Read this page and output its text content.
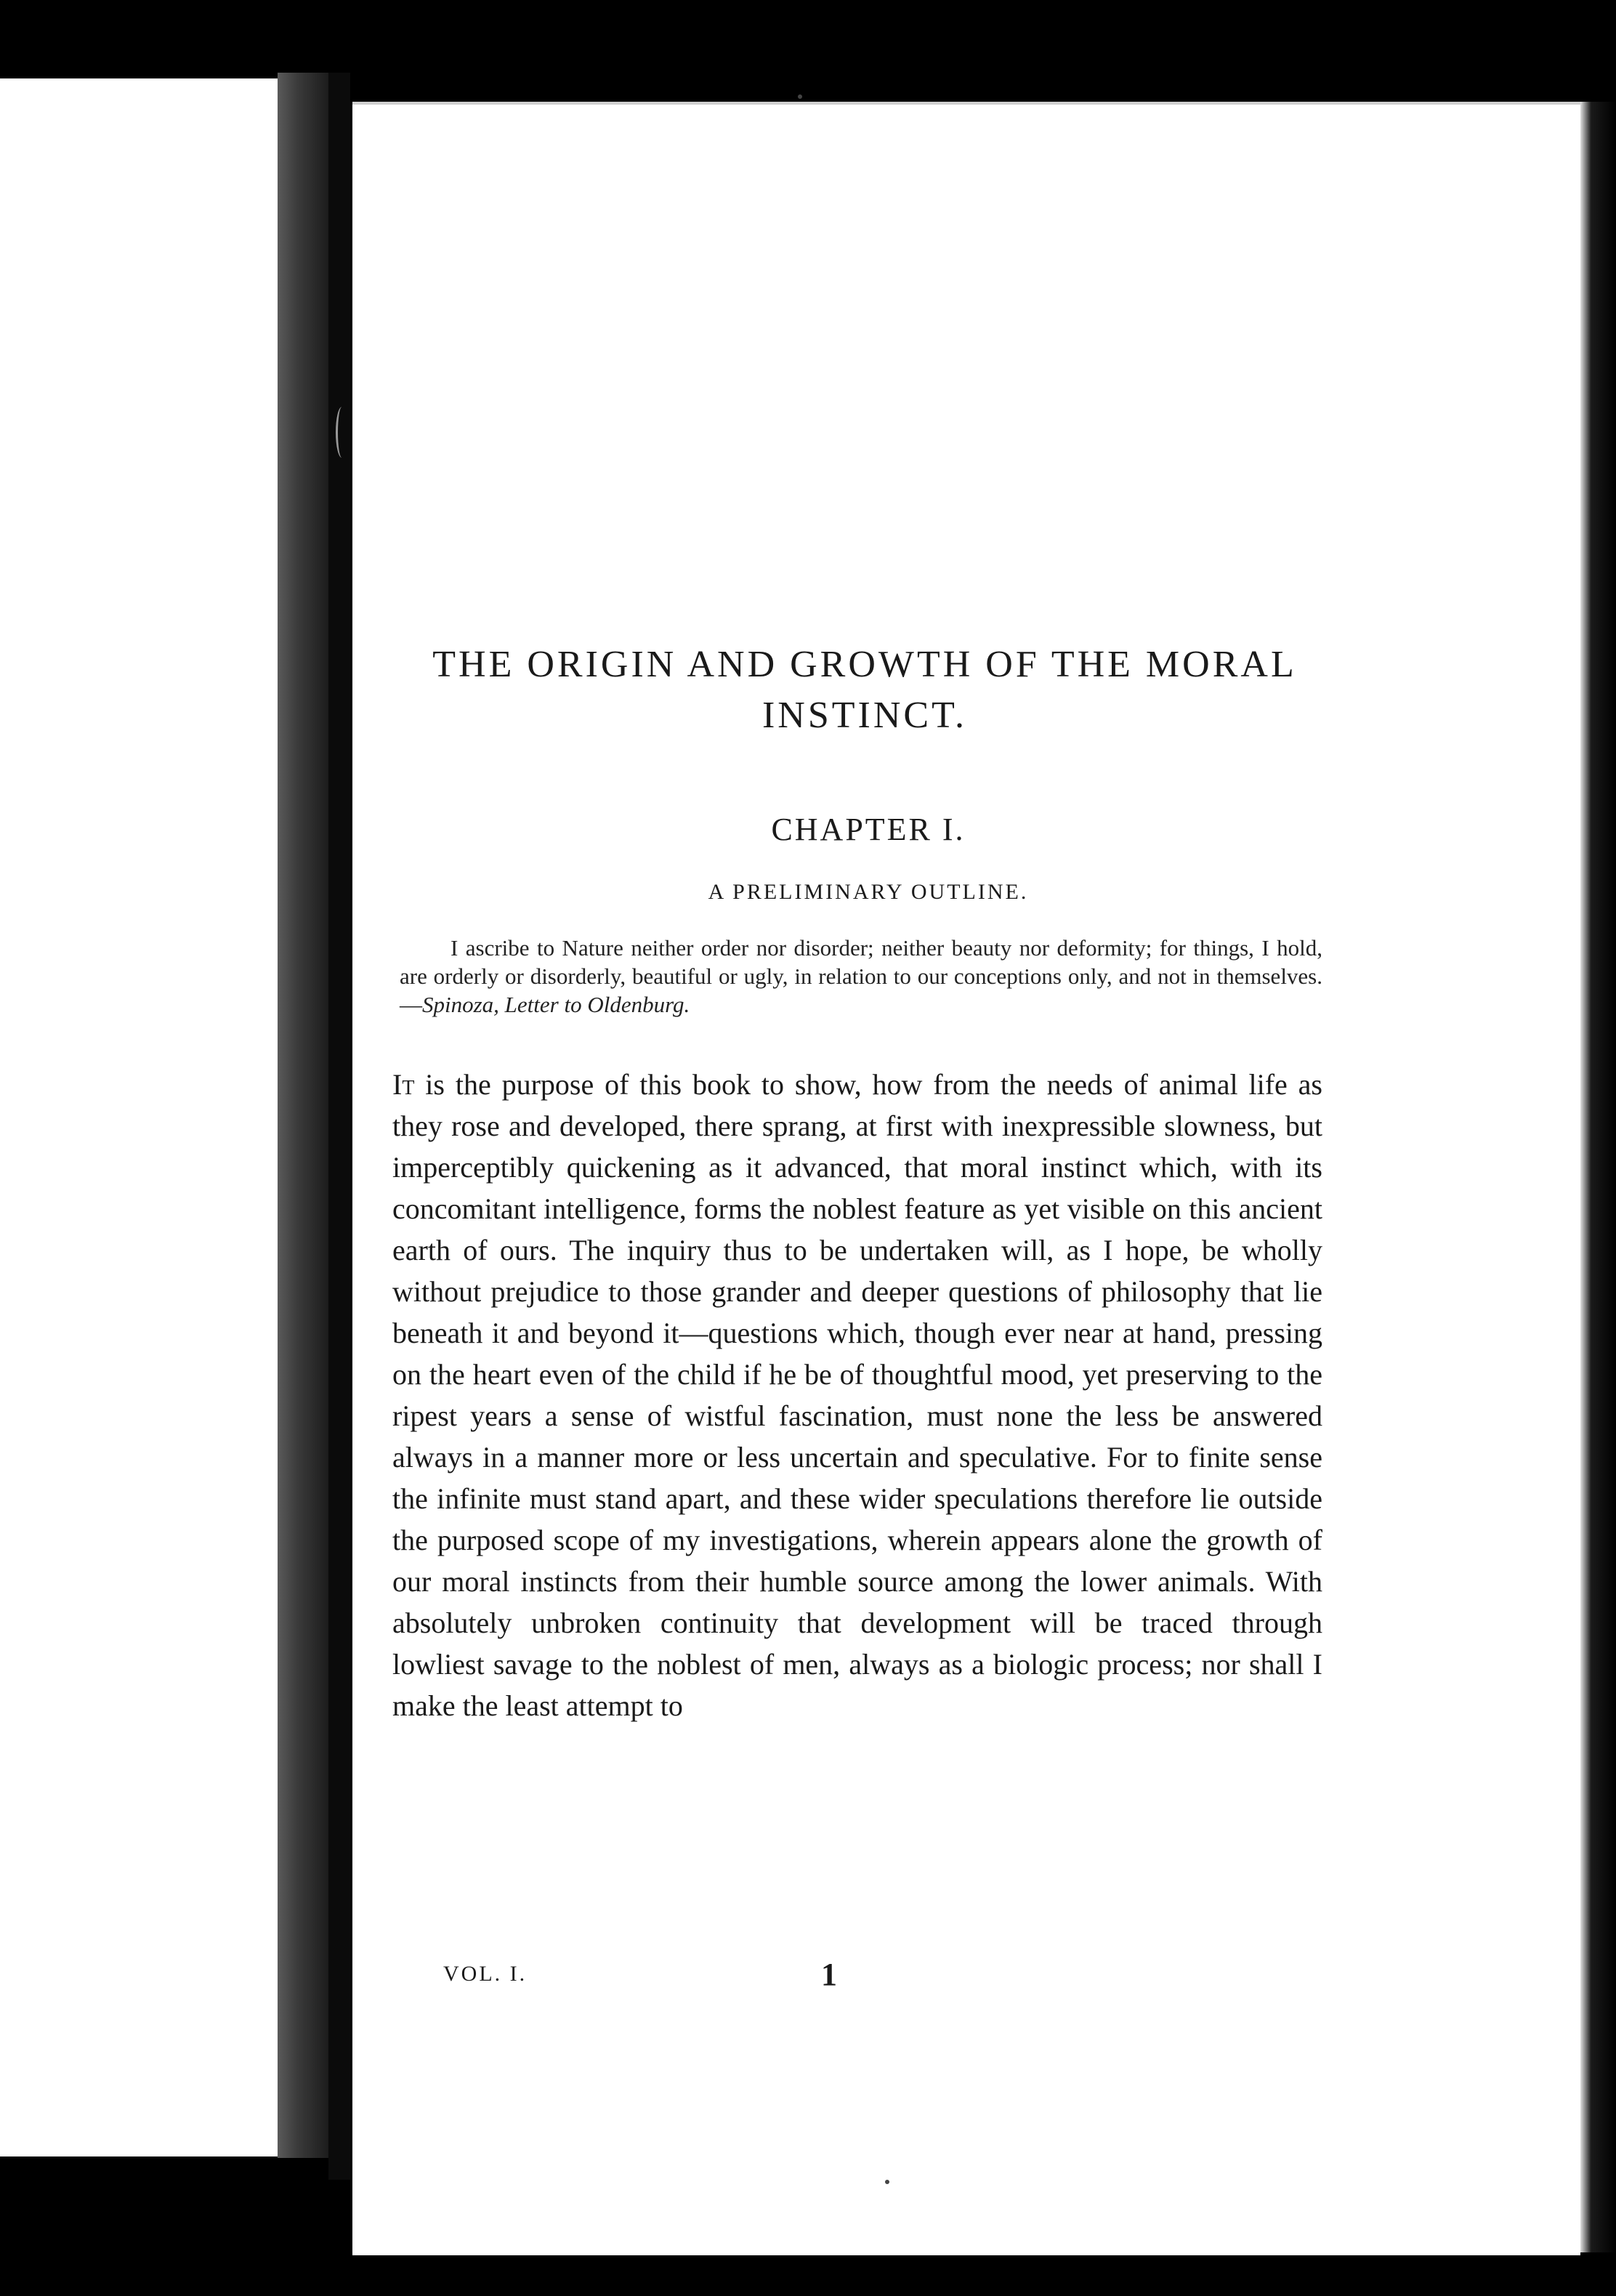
THE ORIGIN AND GROWTH OF THE MORAL INSTINCT.
CHAPTER I.
A PRELIMINARY OUTLINE.

I ascribe to Nature neither order nor disorder; neither beauty nor deformity; for things, I hold, are orderly or disorderly, beautiful or ugly, in relation to our conceptions only, and not in themselves.—Spinoza, Letter to Oldenburg.

It is the purpose of this book to show, how from the needs of animal life as they rose and developed, there sprang, at first with inexpressible slowness, but imperceptibly quickening as it advanced, that moral instinct which, with its concomitant intelligence, forms the noblest feature as yet visible on this ancient earth of ours. The inquiry thus to be undertaken will, as I hope, be wholly without prejudice to those grander and deeper questions of philosophy that lie beneath it and beyond it—questions which, though ever near at hand, pressing on the heart even of the child if he be of thoughtful mood, yet preserving to the ripest years a sense of wistful fascination, must none the less be answered always in a manner more or less uncertain and speculative. For to finite sense the infinite must stand apart, and these wider speculations therefore lie outside the purposed scope of my investigations, wherein appears alone the growth of our moral instincts from their humble source among the lower animals. With absolutely unbroken continuity that development will be traced through lowliest savage to the noblest of men, always as a biologic process; nor shall I make the least attempt to

VOL. I.	1
